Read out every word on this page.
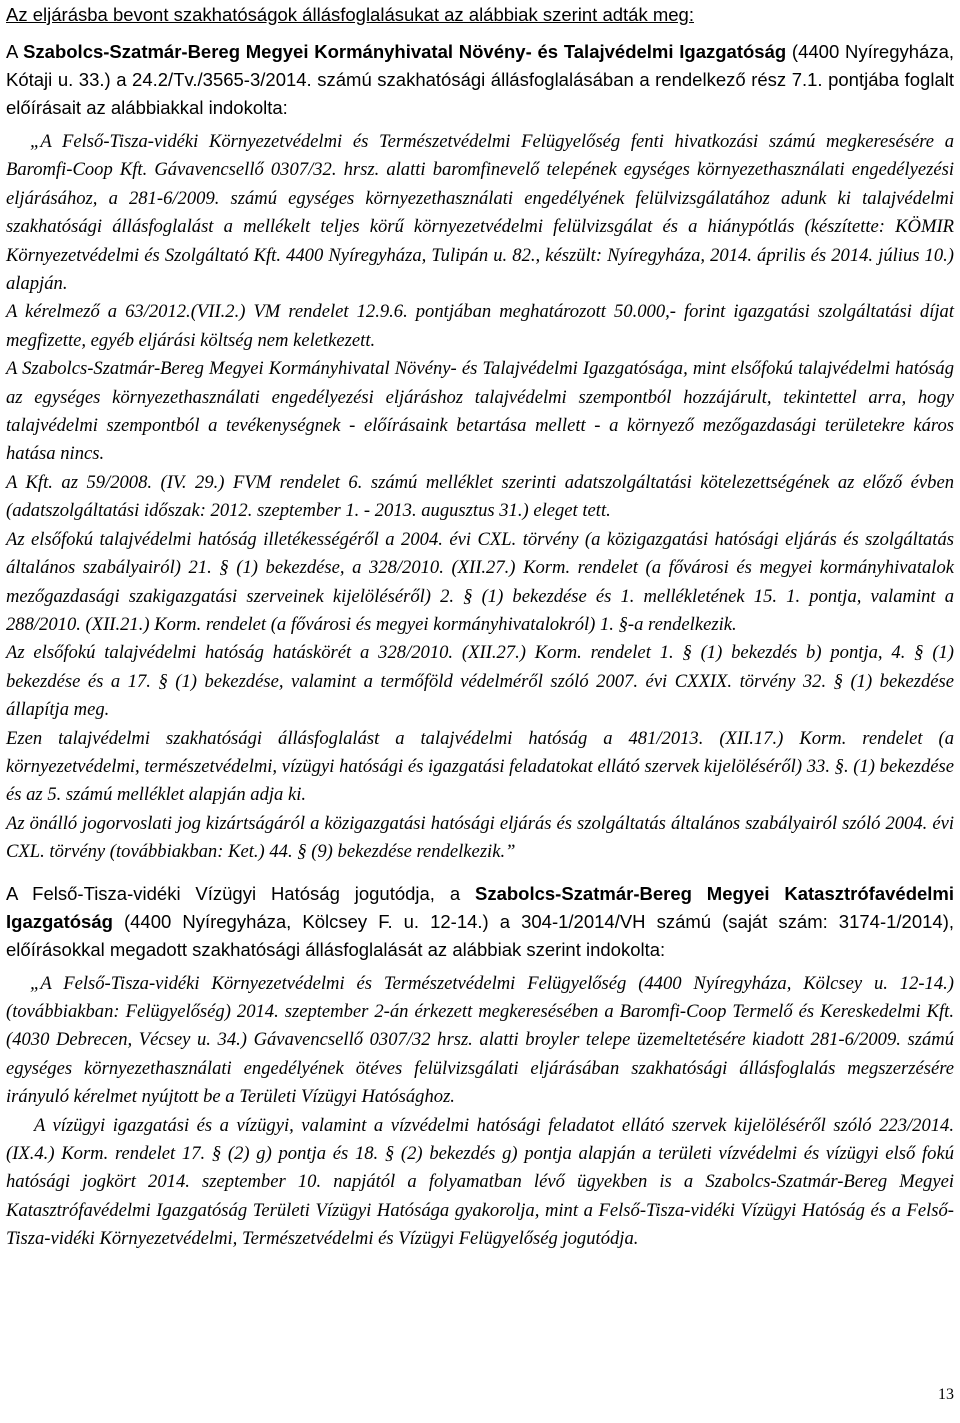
Az eljárásba bevont szakhatóságok állásfoglalásukat az alábbiak szerint adták meg:

A Szabolcs-Szatmár-Bereg Megyei Kormányhivatal Növény- és Talajvédelmi Igazgatóság (4400 Nyíregyháza, Kótaji u. 33.) a 24.2/Tv./3565-3/2014. számú szakhatósági állásfoglalásában a rendelkező rész 7.1. pontjába foglalt előírásait az alábbiakkal indokolta:

„A Felső-Tisza-vidéki Környezetvédelmi és Természetvédelmi Felügyelőség fenti hivatkozási számú megkeresésére a Baromfi-Coop Kft. Gávavencsellő 0307/32. hrsz. alatti baromfinevelő telepének egységes környezethasználati engedélyezési eljárásához, a 281-6/2009. számú egységes környezethasználati engedélyének felülvizsgálatához adunk ki talajvédelmi szakhatósági állásfoglalást a mellékelt teljes körű környezetvédelmi felülvizsgálat és a hiánypótlás (készítette: KÖMIR Környezetvédelmi és Szolgáltató Kft. 4400 Nyíregyháza, Tulipán u. 82., készült: Nyíregyháza, 2014. április és 2014. július 10.) alapján.

A kérelmező a 63/2012.(VII.2.) VM rendelet 12.9.6. pontjában meghatározott 50.000,- forint igazgatási szolgáltatási díjat megfizette, egyéb eljárási költség nem keletkezett.

A Szabolcs-Szatmár-Bereg Megyei Kormányhivatal Növény- és Talajvédelmi Igazgatósága, mint elsőfokú talajvédelmi hatóság az egységes környezethasználati engedélyezési eljáráshoz talajvédelmi szempontból hozzájárult, tekintettel arra, hogy talajvédelmi szempontból a tevékenységnek - előírásaink betartása mellett - a környező mezőgazdasági területekre káros hatása nincs.

A Kft. az 59/2008. (IV. 29.) FVM rendelet 6. számú melléklet szerinti adatszolgáltatási kötelezettségének az előző évben (adatszolgáltatási időszak: 2012. szeptember 1. - 2013. augusztus 31.) eleget tett.

Az elsőfokú talajvédelmi hatóság illetékességéről a 2004. évi CXL. törvény (a közigazgatási hatósági eljárás és szolgáltatás általános szabályairól) 21. § (1) bekezdése, a 328/2010. (XII.27.) Korm. rendelet (a fővárosi és megyei kormányhivatalok mezőgazdasági szakigazgatási szerveinek kijelöléséről) 2. § (1) bekezdése és 1. mellékletének 15. 1. pontja, valamint a 288/2010. (XII.21.) Korm. rendelet (a fővárosi és megyei kormányhivatalokról) 1. §-a rendelkezik.

Az elsőfokú talajvédelmi hatóság hatáskörét a 328/2010. (XII.27.) Korm. rendelet 1. § (1) bekezdés b) pontja, 4. § (1) bekezdése és a 17. § (1) bekezdése, valamint a termőföld védelméről szóló 2007. évi CXXIX. törvény 32. § (1) bekezdése állapítja meg.

Ezen talajvédelmi szakhatósági állásfoglalást a talajvédelmi hatóság a 481/2013. (XII.17.) Korm. rendelet (a környezetvédelmi, természetvédelmi, vízügyi hatósági és igazgatási feladatokat ellátó szervek kijelöléséről) 33. §. (1) bekezdése és az 5. számú melléklet alapján adja ki.

Az önálló jogorvoslati jog kizártságáról a közigazgatási hatósági eljárás és szolgáltatás általános szabályairól szóló 2004. évi CXL. törvény (továbbiakban: Ket.) 44. § (9) bekezdése rendelkezik.”

A Felső-Tisza-vidéki Vízügyi Hatóság jogutódja, a Szabolcs-Szatmár-Bereg Megyei Katasztrófavédelmi Igazgatóság (4400 Nyíregyháza, Kölcsey F. u. 12-14.) a 304-1/2014/VH számú (saját szám: 3174-1/2014), előírásokkal megadott szakhatósági állásfoglalását az alábbiak szerint indokolta:

„A Felső-Tisza-vidéki Környezetvédelmi és Természetvédelmi Felügyelőség (4400 Nyíregyháza, Kölcsey u. 12-14.) (továbbiakban: Felügyelőség) 2014. szeptember 2-án érkezett megkeresésében a Baromfi-Coop Termelő és Kereskedelmi Kft. (4030 Debrecen, Vécsey u. 34.) Gávavencsellő 0307/32 hrsz. alatti broyler telepe üzemeltetésére kiadott 281-6/2009. számú egységes környezethasználati engedélyének ötéves felülvizsgálati eljárásában szakhatósági állásfoglalás megszerzésére irányuló kérelmet nyújtott be a Területi Vízügyi Hatósághoz.

A vízügyi igazgatási és a vízügyi, valamint a vízvédelmi hatósági feladatot ellátó szervek kijelöléséről szóló 223/2014. (IX.4.) Korm. rendelet 17. § (2) g) pontja és 18. § (2) bekezdés g) pontja alapján a területi vízvédelmi és vízügyi első fokú hatósági jogkört 2014. szeptember 10. napjától a folyamatban lévő ügyekben is a Szabolcs-Szatmár-Bereg Megyei Katasztrófavédelmi Igazgatóság Területi Vízügyi Hatósága gyakorolja, mint a Felső-Tisza-vidéki Vízügyi Hatóság és a Felső-Tisza-vidéki Környezetvédelmi, Természetvédelmi és Vízügyi Felügyelőség jogutódja.

13
